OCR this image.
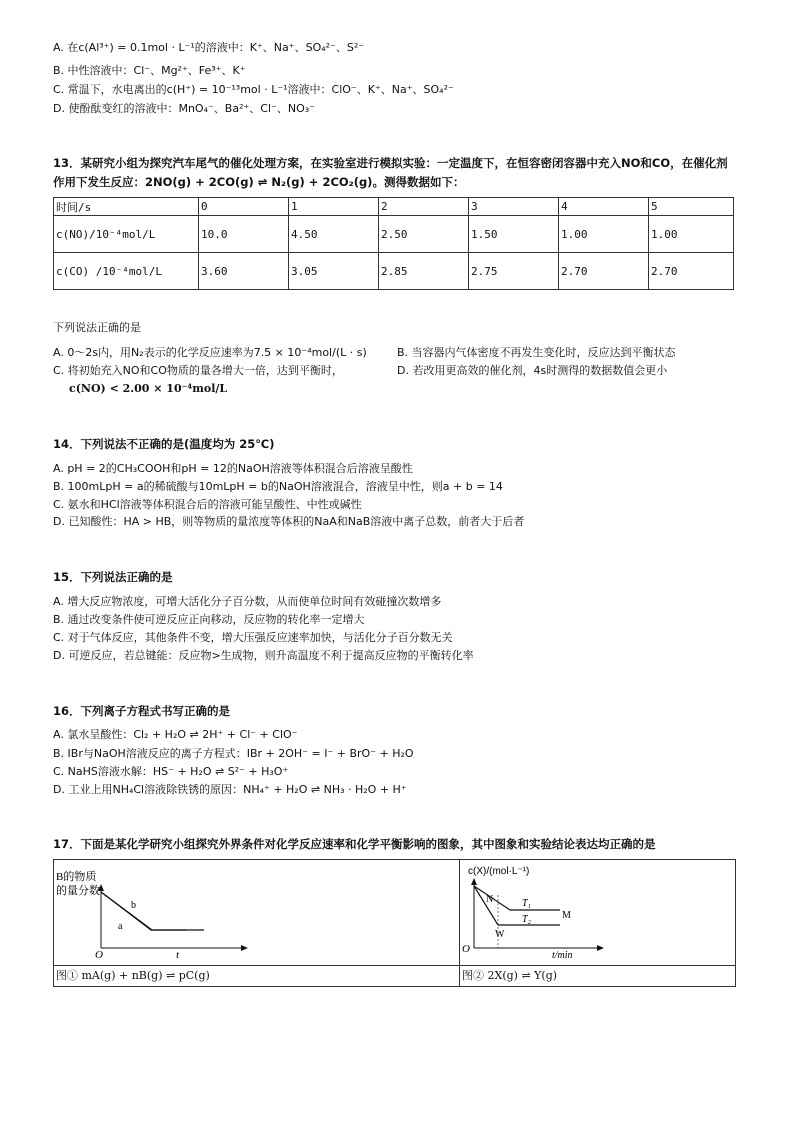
A. 在c(Al³⁺) = 0.1mol · L⁻¹的溶液中：K⁺、Na⁺、SO₄²⁻、S²⁻
B. 中性溶液中：Cl⁻、Mg²⁺、Fe³⁺、K⁺
C. 常温下，水电离出的c(H⁺) = 10⁻¹³mol · L⁻¹溶液中：ClO⁻、K⁺、Na⁺、SO₄²⁻
D. 使酚酞变红的溶液中：MnO₄⁻、Ba²⁺、Cl⁻、NO₃⁻
13．某研究小组为探究汽车尾气的催化处理方案，在实验室进行模拟实验：一定温度下，在恒容密闭容器中充入NO和CO，在催化剂
作用下发生反应：2NO(g) + 2CO(g) ⇌ N₂(g) + 2CO₂(g)。测得数据如下：
时间/s	0	1	2	3	4	5
c(NO)/10⁻⁴mol/L	10.0	4.50	2.50	1.50	1.00	1.00
c(CO) /10⁻⁴mol/L	3.60	3.05	2.85	2.75	2.70	2.70
下列说法正确的是
A. 0～2s内，用N₂表示的化学反应速率为7.5 × 10⁻⁴mol/(L · s)	B. 当容器内气体密度不再发生变化时，反应达到平衡状态
C. 将初始充入NO和CO物质的量各增大一倍，达到平衡时，
c(NO) < 2.00 × 10⁻⁴mol/L
D. 若改用更高效的催化剂，4s时测得的数据数值会更小
14．下列说法不正确的是(温度均为 25℃)
A. pH = 2的CH₃COOH和pH = 12的NaOH溶液等体积混合后溶液呈酸性
B. 100mLpH = a的稀硫酸与10mLpH = b的NaOH溶液混合，溶液呈中性，则a + b = 14
C. 氨水和HCl溶液等体积混合后的溶液可能呈酸性、中性或碱性
D. 已知酸性：HA > HB，则等物质的量浓度等体积的NaA和NaB溶液中离子总数，前者大于后者
15．下列说法正确的是
A. 增大反应物浓度，可增大活化分子百分数，从而使单位时间有效碰撞次数增多
B. 通过改变条件使可逆反应正向移动，反应物的转化率一定增大
C. 对于气体反应，其他条件不变，增大压强反应速率加快，与活化分子百分数无关
D. 可逆反应，若总键能：反应物>生成物，则升高温度不利于提高反应物的平衡转化率
16．下列离子方程式书写正确的是
A. 氯水呈酸性：Cl₂ + H₂O ⇌ 2H⁺ + Cl⁻ + ClO⁻
B. IBr与NaOH溶液反应的离子方程式：IBr + 2OH⁻ = I⁻ + BrO⁻ + H₂O
C. NaHS溶液水解：HS⁻ + H₂O ⇌ S²⁻ + H₃O⁺
D. 工业上用NH₄Cl溶液除铁锈的原因：NH₄⁺ + H₂O ⇌ NH₃ · H₂O + H⁺
17．下面是某化学研究小组探究外界条件对化学反应速率和化学平衡影响的图象，其中图象和实验结论表达均正确的是
B的物质
的量分数
O	t
a
b
图① mA(g) + nB(g) ⇌ pC(g)
c(X)/(mol·L⁻¹)
O
t/min
N
M
W
T₁
T₂
图② 2X(g) ⇌ Y(g)
